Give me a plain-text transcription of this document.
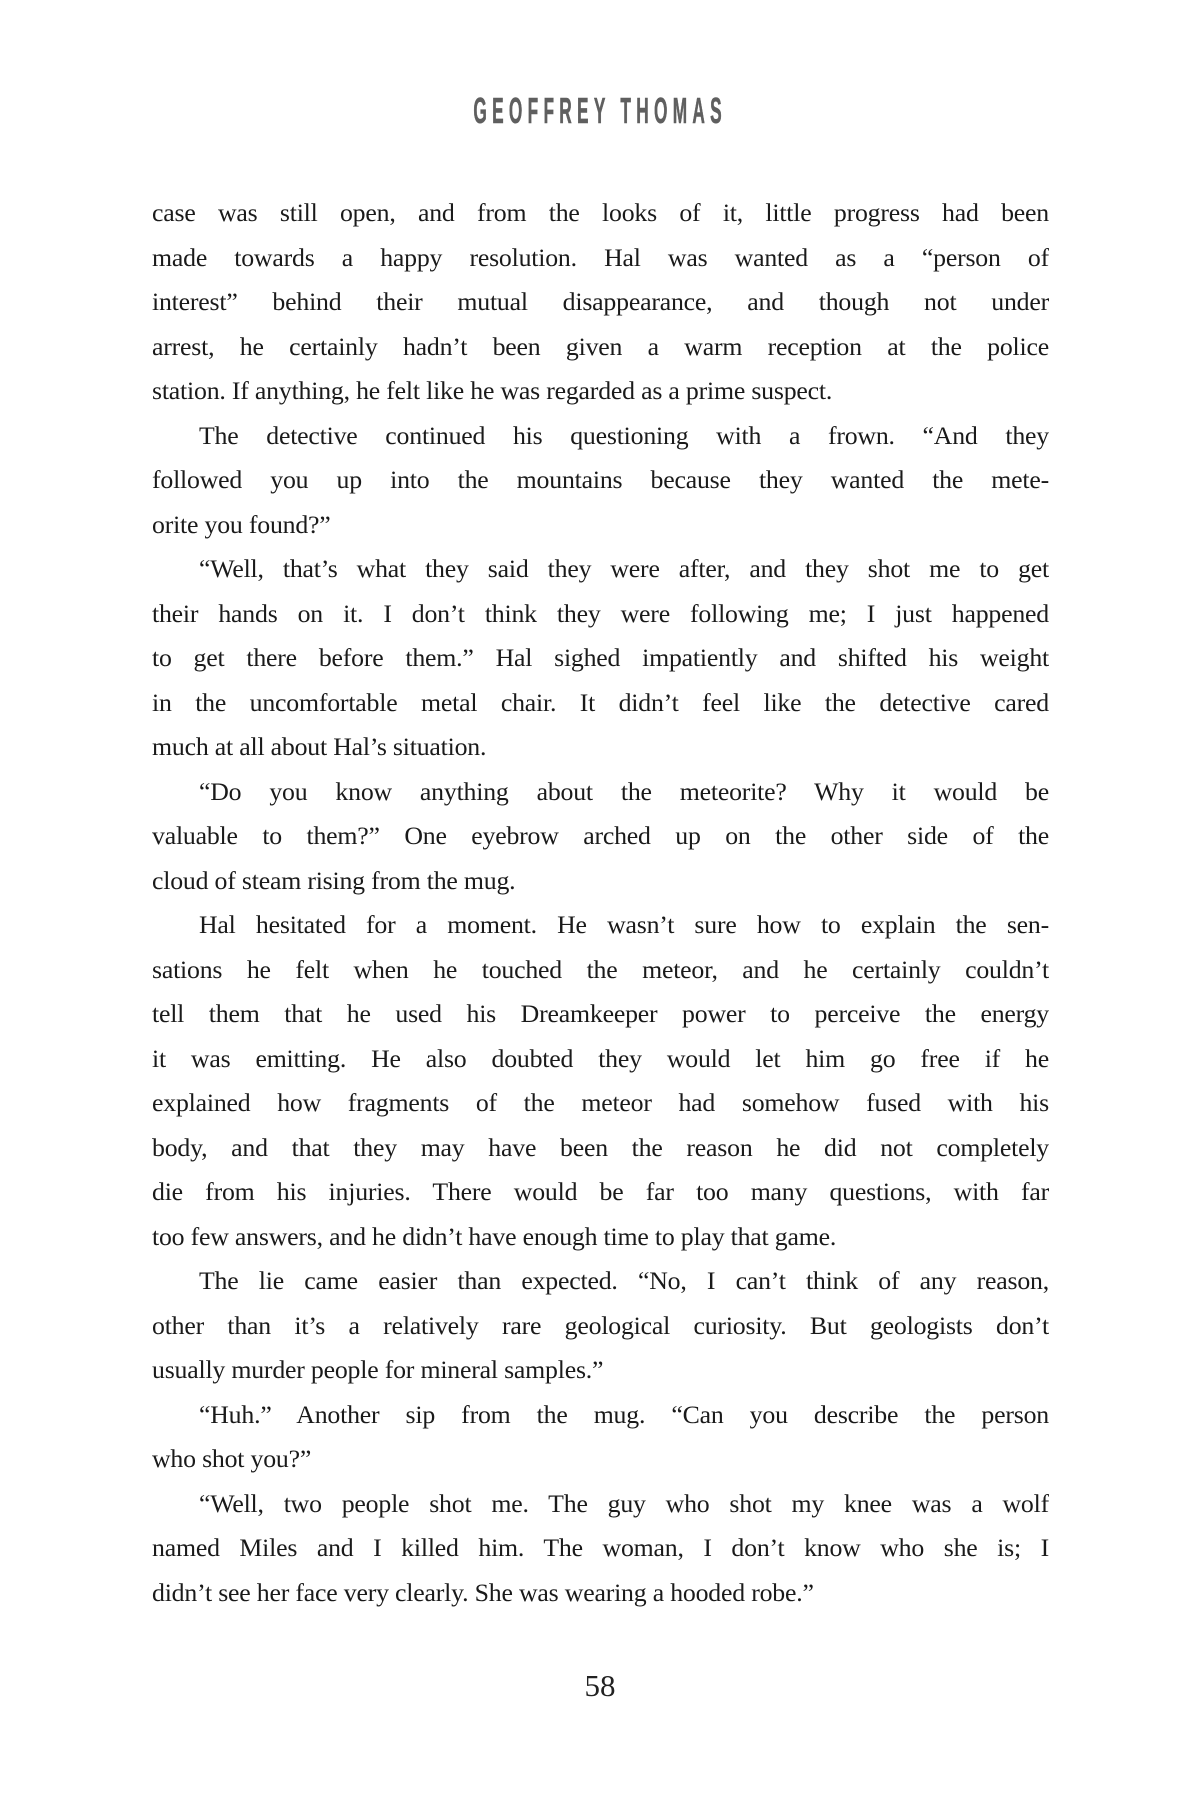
GEOFFREY THOMAS
case was still open, and from the looks of it, little progress had been
made towards a happy resolution. Hal was wanted as a “person of
interest” behind their mutual disappearance, and though not under
arrest, he certainly hadn’t been given a warm reception at the police
station. If anything, he felt like he was regarded as a prime suspect.
The detective continued his questioning with a frown. “And they
followed you up into the mountains because they wanted the mete-
orite you found?”
“Well, that’s what they said they were after, and they shot me to get
their hands on it. I don’t think they were following me; I just happened
to get there before them.” Hal sighed impatiently and shifted his weight
in the uncomfortable metal chair. It didn’t feel like the detective cared
much at all about Hal’s situation.
“Do you know anything about the meteorite? Why it would be
valuable to them?” One eyebrow arched up on the other side of the
cloud of steam rising from the mug.
Hal hesitated for a moment. He wasn’t sure how to explain the sen-
sations he felt when he touched the meteor, and he certainly couldn’t
tell them that he used his Dreamkeeper power to perceive the energy
it was emitting. He also doubted they would let him go free if he
explained how fragments of the meteor had somehow fused with his
body, and that they may have been the reason he did not completely
die from his injuries. There would be far too many questions, with far
too few answers, and he didn’t have enough time to play that game.
The lie came easier than expected. “No, I can’t think of any reason,
other than it’s a relatively rare geological curiosity. But geologists don’t
usually murder people for mineral samples.”
“Huh.” Another sip from the mug. “Can you describe the person
who shot you?”
“Well, two people shot me. The guy who shot my knee was a wolf
named Miles and I killed him. The woman, I don’t know who she is; I
didn’t see her face very clearly. She was wearing a hooded robe.”
58
